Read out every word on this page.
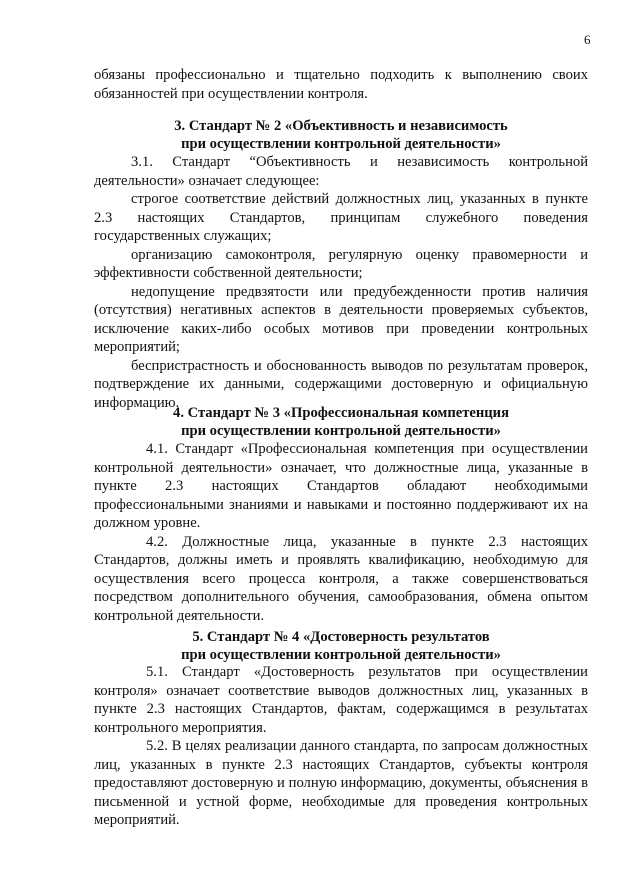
6

обязаны профессионально и тщательно подходить к выполнению своих обязанностей при осуществлении контроля.

3. Стандарт № 2 «Объективность и независимость
при осуществлении контрольной деятельности»

3.1. Стандарт “Объективность и независимость контрольной деятельности» означает следующее:

строгое соответствие действий должностных лиц, указанных в пункте 2.3 настоящих Стандартов, принципам служебного поведения государственных служащих;

организацию самоконтроля, регулярную оценку правомерности и эффективности собственной деятельности;

недопущение предвзятости или предубежденности против наличия (отсутствия) негативных аспектов в деятельности проверяемых субъектов, исключение каких-либо особых мотивов при проведении контрольных мероприятий;

беспристрастность и обоснованность выводов по результатам проверок, подтверждение их данными, содержащими достоверную и официальную информацию.

4. Стандарт № 3 «Профессиональная компетенция
при осуществлении контрольной деятельности»

4.1. Стандарт «Профессиональная компетенция при осуществлении контрольной деятельности» означает, что должностные лица, указанные в пункте 2.3 настоящих Стандартов обладают необходимыми профессиональными знаниями и навыками и постоянно поддерживают их на должном уровне.

4.2. Должностные лица, указанные в пункте 2.3 настоящих Стандартов, должны иметь и проявлять квалификацию, необходимую для осуществления всего процесса контроля, а также совершенствоваться посредством дополнительного обучения, самообразования, обмена опытом контрольной деятельности.

5. Стандарт № 4 «Достоверность результатов
при осуществлении контрольной деятельности»

5.1. Стандарт «Достоверность результатов при осуществлении контроля» означает соответствие выводов должностных лиц, указанных в пункте 2.3 настоящих Стандартов, фактам, содержащимся в результатах контрольного мероприятия.

5.2. В целях реализации данного стандарта, по запросам должностных лиц, указанных в пункте 2.3 настоящих Стандартов, субъекты контроля предоставляют достоверную и полную информацию, документы, объяснения в письменной и устной форме, необходимые для проведения контрольных мероприятий.
